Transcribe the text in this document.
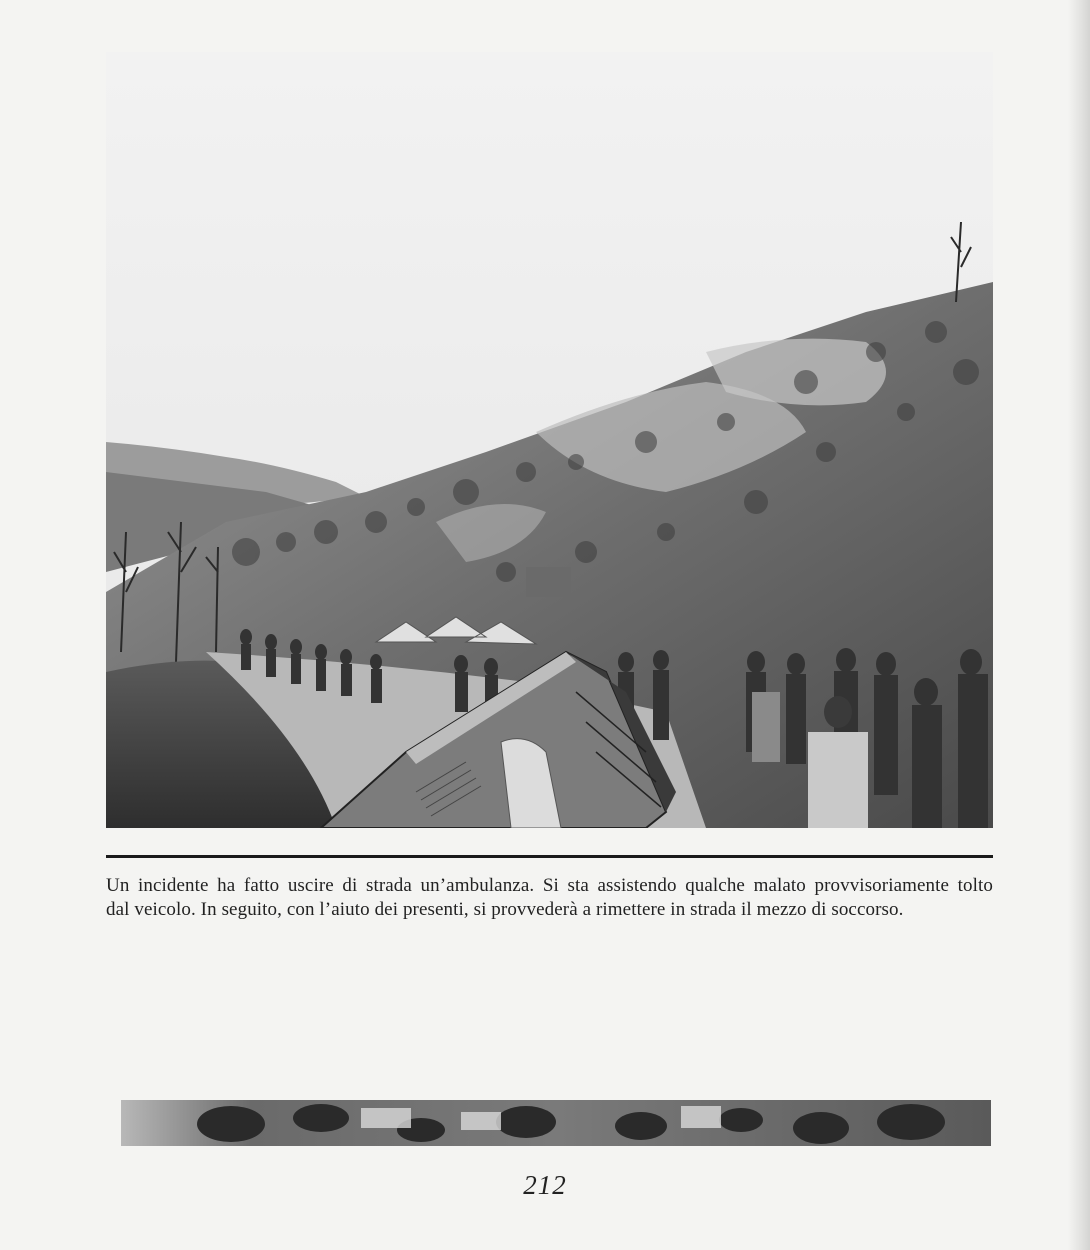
Un incidente ha fatto uscire di strada un’ambulanza. Si sta assistendo qualche malato provvisoriamente tolto
dal veicolo. In seguito, con l’aiuto dei presenti, si provvederà a rimettere in strada il mezzo di soccorso.
212
